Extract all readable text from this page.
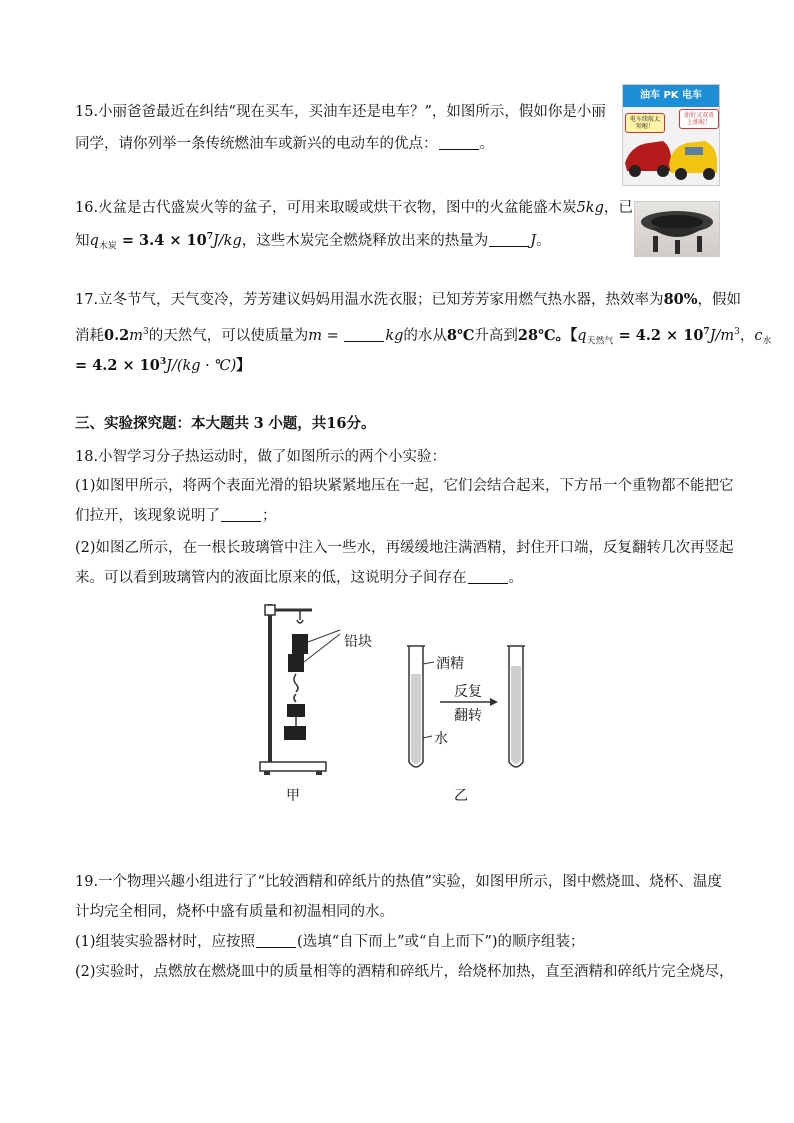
15.小丽爸爸最近在纠结“现在买车，买油车还是电车？”，如图所示，假如你是小丽
同学，请你列举一条传统燃油车或新兴的电动车的优点：	。
油车 PK 电车
电车续航太短啦！
油价又双叒上涨啦！
16.火盆是古代盛炭火等的盆子，可用来取暖或烘干衣物，图中的火盆能盛木炭5kg，已
知$q_{木炭} = 3.4 \times 10^7J/kg$，这些木炭完全燃烧释放出来的热量为	J。
17.立冬节气，天气变冷，芳芳建议妈妈用温水洗衣服；已知芳芳家用燃气热水器，热效率为80%，假如
消耗$0.2m^3$的天然气，可以使质量为m =	kg的水从8℃升高到28℃。【$q_{天然气} = 4.2 \times 10^7J/m^3$，$c_水$
= $4.2 \times 10^3J/(kg$ · ℃)】
三、实验探究题：本大题共 3 小题，共16分。
18.小智学习分子热运动时，做了如图所示的两个小实验：
(1)如图甲所示，将两个表面光滑的铅块紧紧地压在一起，它们会结合起来，下方吊一个重物都不能把它
们拉开，该现象说明了	；
(2)如图乙所示，在一根长玻璃管中注入一些水，再缓缓地注满酒精，封住开口端，反复翻转几次再竖起
来。可以看到玻璃管内的液面比原来的低，这说明分子间存在	。
铅块
酒精
水
反复
翻转
甲	乙
19.一个物理兴趣小组进行了“比较酒精和碎纸片的热值”实验，如图甲所示，图中燃烧皿、烧杯、温度
计均完全相同，烧杯中盛有质量和初温相同的水。
(1)组装实验器材时，应按照	(选填“自下而上”或“自上而下”)的顺序组装；
(2)实验时，点燃放在燃烧皿中的质量相等的酒精和碎纸片，给烧杯加热，直至酒精和碎纸片完全烧尽，
